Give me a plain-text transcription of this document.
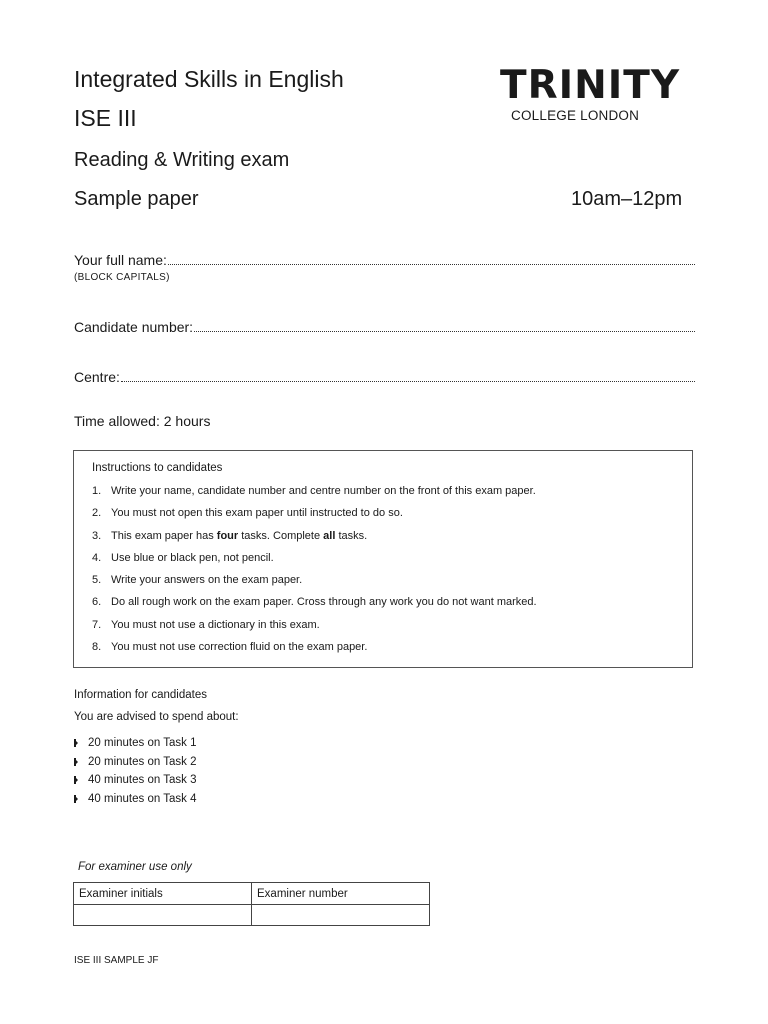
Integrated Skills in English
ISE III
Reading & Writing exam
Sample paper	10am–12pm
TRINITY
COLLEGE LONDON
Your full name:
(BLOCK CAPITALS)
Candidate number:
Centre:
Time allowed: 2 hours
Instructions to candidates
1. Write your name, candidate number and centre number on the front of this exam paper.
2. You must not open this exam paper until instructed to do so.
3. This exam paper has four tasks. Complete all tasks.
4. Use blue or black pen, not pencil.
5. Write your answers on the exam paper.
6. Do all rough work on the exam paper. Cross through any work you do not want marked.
7. You must not use a dictionary in this exam.
8. You must not use correction fluid on the exam paper.
Information for candidates
You are advised to spend about:
20 minutes on Task 1
20 minutes on Task 2
40 minutes on Task 3
40 minutes on Task 4
For examiner use only
Examiner initials	Examiner number

ISE III SAMPLE JF
